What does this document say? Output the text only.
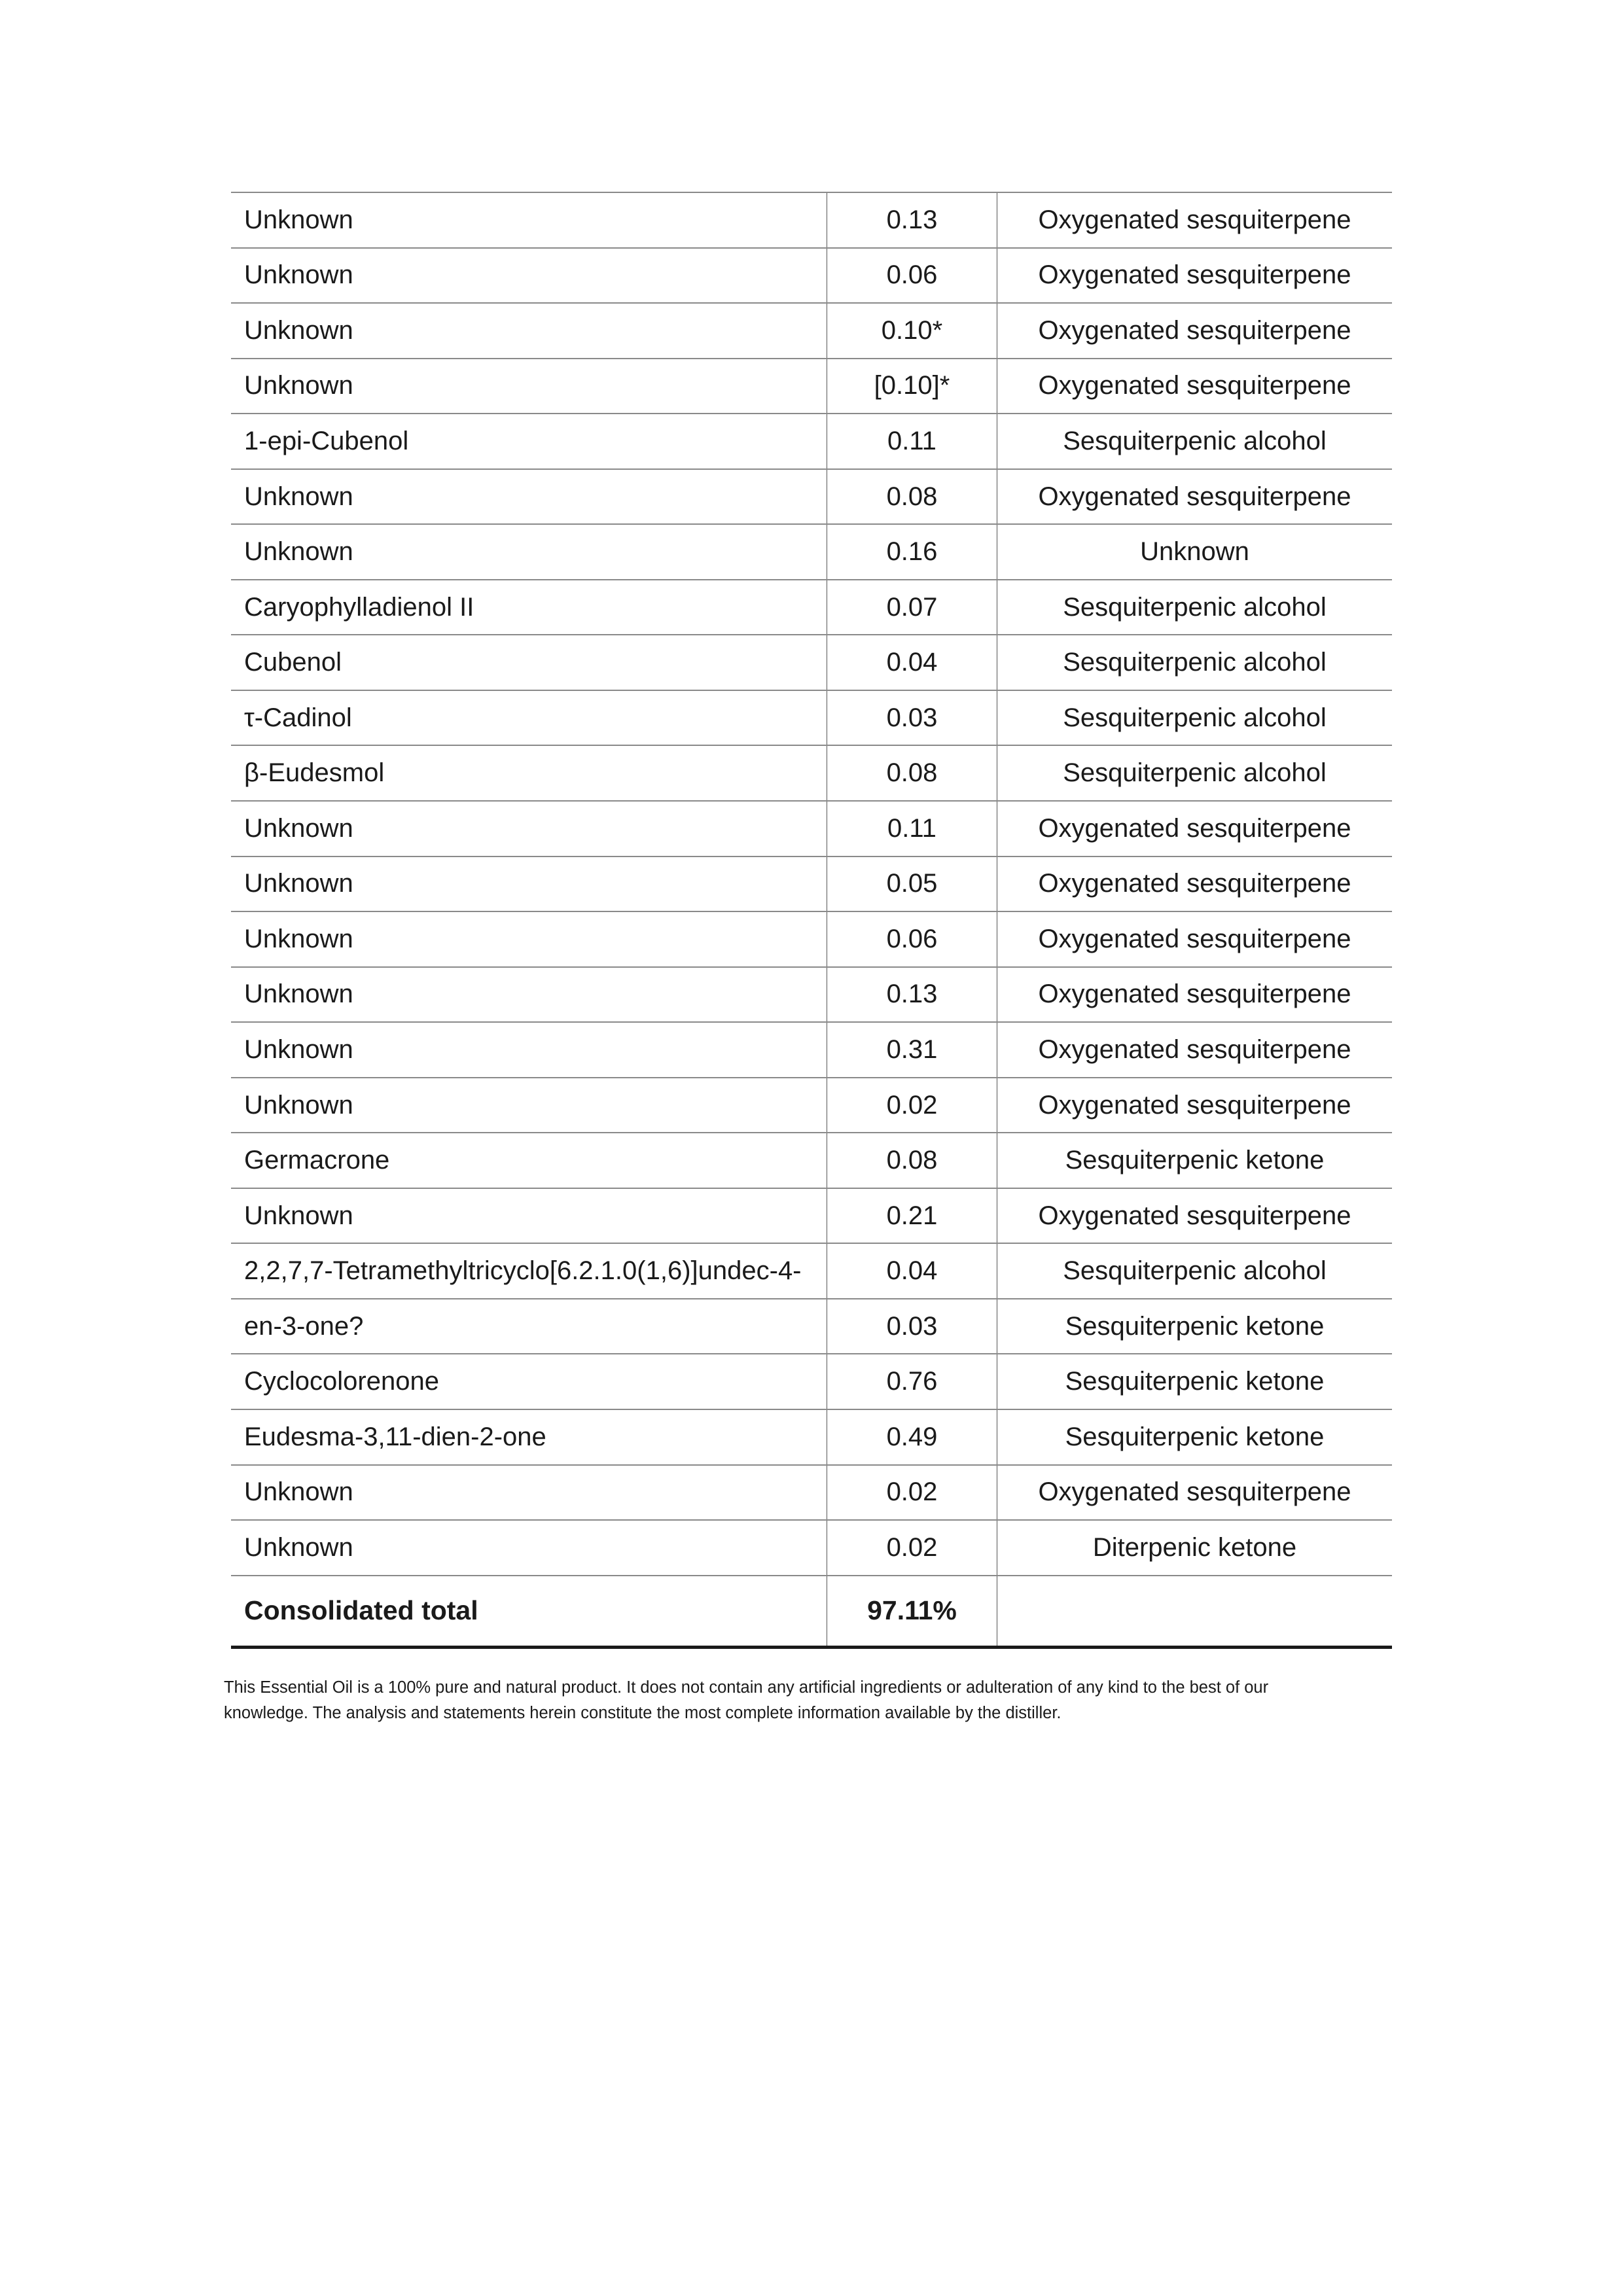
Unknown	0.13	Oxygenated sesquiterpene
Unknown	0.06	Oxygenated sesquiterpene
Unknown	0.10*	Oxygenated sesquiterpene
Unknown	[0.10]*	Oxygenated sesquiterpene
1-epi-Cubenol	0.11	Sesquiterpenic alcohol
Unknown	0.08	Oxygenated sesquiterpene
Unknown	0.16	Unknown
Caryophylladienol II	0.07	Sesquiterpenic alcohol
Cubenol	0.04	Sesquiterpenic alcohol
τ-Cadinol	0.03	Sesquiterpenic alcohol
β-Eudesmol	0.08	Sesquiterpenic alcohol
Unknown	0.11	Oxygenated sesquiterpene
Unknown	0.05	Oxygenated sesquiterpene
Unknown	0.06	Oxygenated sesquiterpene
Unknown	0.13	Oxygenated sesquiterpene
Unknown	0.31	Oxygenated sesquiterpene
Unknown	0.02	Oxygenated sesquiterpene
Germacrone	0.08	Sesquiterpenic ketone
Unknown	0.21	Oxygenated sesquiterpene
2,2,7,7-Tetramethyltricyclo[6.2.1.0(1,6)]undec-4-	0.04	Sesquiterpenic alcohol
en-3-one?	0.03	Sesquiterpenic ketone
Cyclocolorenone	0.76	Sesquiterpenic ketone
Eudesma-3,11-dien-2-one	0.49	Sesquiterpenic ketone
Unknown	0.02	Oxygenated sesquiterpene
Unknown	0.02	Diterpenic ketone
Consolidated total	97.11%
This Essential Oil is a 100% pure and natural product. It does not contain any artificial ingredients or adulteration of any kind to the best of our
knowledge. The analysis and statements herein constitute the most complete information available by the distiller.
